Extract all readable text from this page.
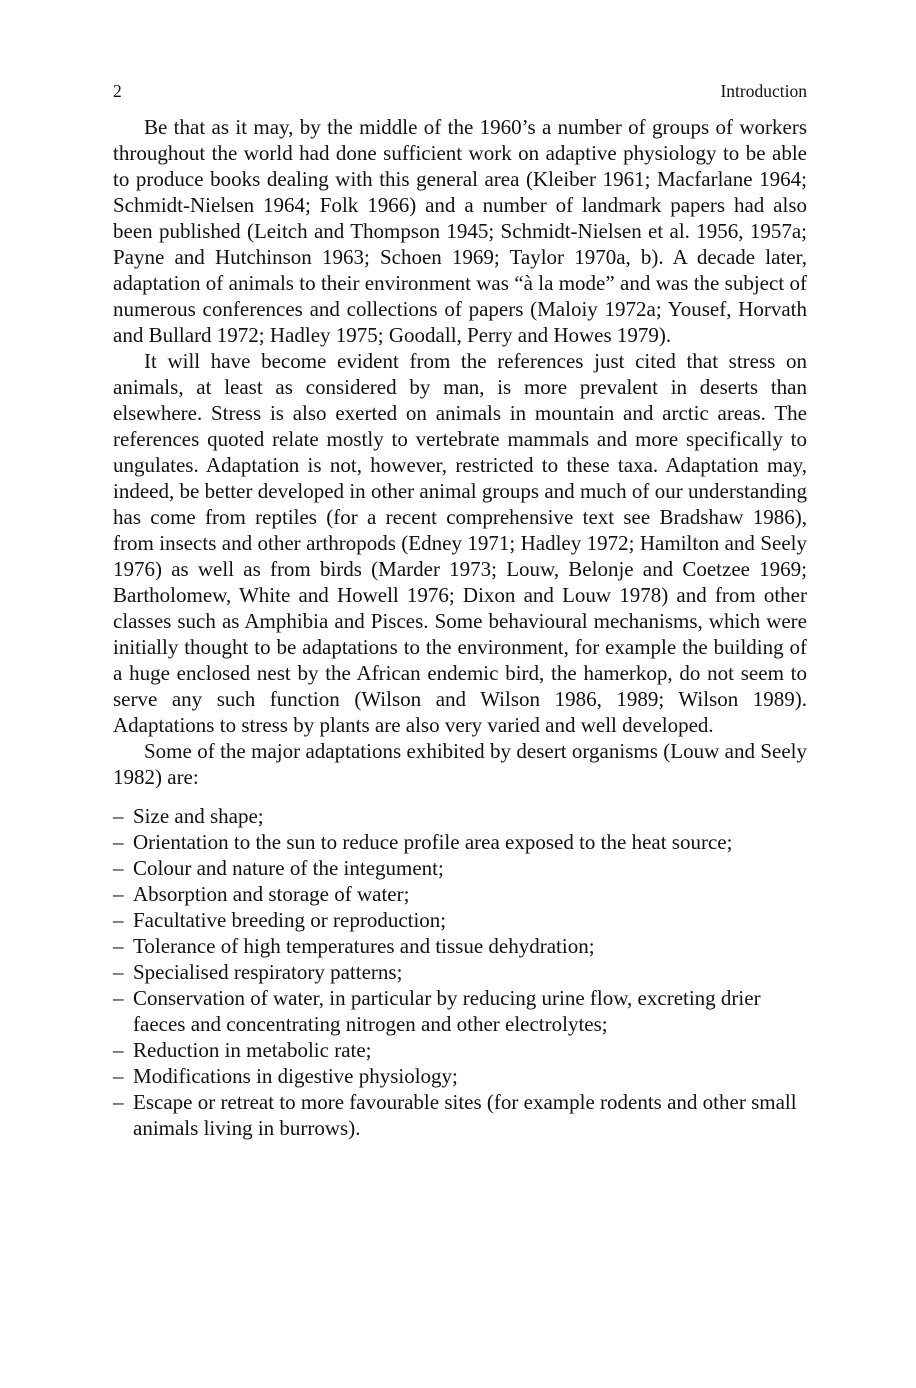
2	Introduction

Be that as it may, by the middle of the 1960’s a number of groups of workers throughout the world had done sufficient work on adaptive physiology to be able to produce books dealing with this general area (Kleiber 1961; Macfarlane 1964; Schmidt-Nielsen 1964; Folk 1966) and a number of landmark papers had also been published (Leitch and Thompson 1945; Schmidt-Nielsen et al. 1956, 1957a; Payne and Hutchinson 1963; Schoen 1969; Taylor 1970a, b). A decade later, adaptation of animals to their environment was “à la mode” and was the subject of numerous conferences and collections of papers (Maloiy 1972a; Yousef, Horvath and Bullard 1972; Hadley 1975; Goodall, Perry and Howes 1979).

It will have become evident from the references just cited that stress on animals, at least as considered by man, is more prevalent in deserts than elsewhere. Stress is also exerted on animals in mountain and arctic areas. The references quoted relate mostly to vertebrate mammals and more specifically to ungulates. Adaptation is not, however, restricted to these taxa. Adaptation may, indeed, be better developed in other animal groups and much of our understanding has come from reptiles (for a recent comprehensive text see Bradshaw 1986), from insects and other arthropods (Edney 1971; Hadley 1972; Hamilton and Seely 1976) as well as from birds (Marder 1973; Louw, Belonje and Coetzee 1969; Bartholomew, White and Howell 1976; Dixon and Louw 1978) and from other classes such as Amphibia and Pisces. Some behavioural mechanisms, which were initially thought to be adaptations to the environment, for example the building of a huge enclosed nest by the African endemic bird, the hamerkop, do not seem to serve any such function (Wilson and Wilson 1986, 1989; Wilson 1989). Adaptations to stress by plants are also very varied and well developed.

Some of the major adaptations exhibited by desert organisms (Louw and Seely 1982) are:

– Size and shape;
– Orientation to the sun to reduce profile area exposed to the heat source;
– Colour and nature of the integument;
– Absorption and storage of water;
– Facultative breeding or reproduction;
– Tolerance of high temperatures and tissue dehydration;
– Specialised respiratory patterns;
– Conservation of water, in particular by reducing urine flow, excreting drier faeces and concentrating nitrogen and other electrolytes;
– Reduction in metabolic rate;
– Modifications in digestive physiology;
– Escape or retreat to more favourable sites (for example rodents and other small animals living in burrows).
